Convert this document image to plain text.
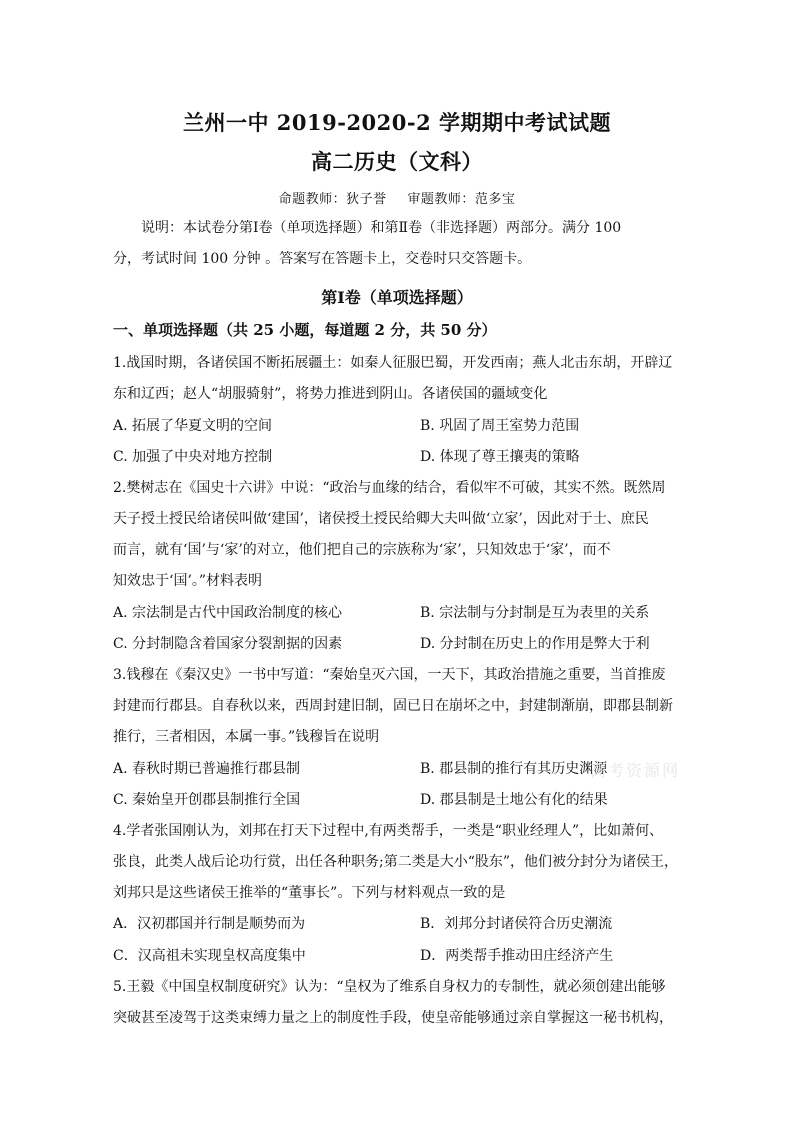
兰州一中 2019-2020-2 学期期中考试试题
高二历史（文科）
命题教师：狄子誉 审题教师：范多宝
说明：本试卷分第Ⅰ卷（单项选择题）和第Ⅱ卷（非选择题）两部分。满分 100
分，考试时间 100 分钟 。答案写在答题卡上，交卷时只交答题卡。
第Ⅰ卷（单项选择题）
一、单项选择题（共 25 小题，每道题 2 分，共 50 分）
1.战国时期，各诸侯国不断拓展疆土：如秦人征服巴蜀，开发西南；燕人北击东胡，开辟辽
东和辽西；赵人“胡服骑射”，将势力推进到阴山。各诸侯国的疆域变化
A. 拓展了华夏文明的空间	B. 巩固了周王室势力范围
C. 加强了中央对地方控制	D. 体现了尊王攘夷的策略
2.樊树志在《国史十六讲》中说：“政治与血缘的结合，看似牢不可破，其实不然。既然周
天子授土授民给诸侯叫做‘建国’，诸侯授土授民给卿大夫叫做‘立家’，因此对于士、庶民
而言，就有‘国’与‘家’的对立，他们把自己的宗族称为‘家’，只知效忠于‘家’，而不
知效忠于‘国’。”材料表明
A. 宗法制是古代中国政治制度的核心	B. 宗法制与分封制是互为表里的关系
C. 分封制隐含着国家分裂割据的因素	D. 分封制在历史上的作用是弊大于利
3.钱穆在《秦汉史》一书中写道：“秦始皇灭六国，一天下，其政治措施之重要，当首推废
封建而行郡县。自春秋以来，西周封建旧制，固已日在崩坏之中，封建制渐崩，即郡县制新
推行，三者相因，本属一事。”钱穆旨在说明
A. 春秋时期已普遍推行郡县制	B. 郡县制的推行有其历史渊源
C. 秦始皇开创郡县制推行全国	D. 郡县制是土地公有化的结果
4.学者张国刚认为，刘邦在打天下过程中,有两类帮手，一类是“职业经理人”，比如萧何、
张良，此类人战后论功行赏，出任各种职务;第二类是大小“股东”，他们被分封分为诸侯王，
刘邦只是这些诸侯王推举的“董事长”。下列与材料观点一致的是
A．汉初郡国并行制是顺势而为	B．刘邦分封诸侯符合历史潮流
C．汉高祖未实现皇权高度集中	D．两类帮手推动田庄经济产生
5.王毅《中国皇权制度研究》认为：“皇权为了维系自身权力的专制性，就必须创建出能够
突破甚至凌驾于这类束缚力量之上的制度性手段，使皇帝能够通过亲自掌握这一秘书机构，
高考资源网
